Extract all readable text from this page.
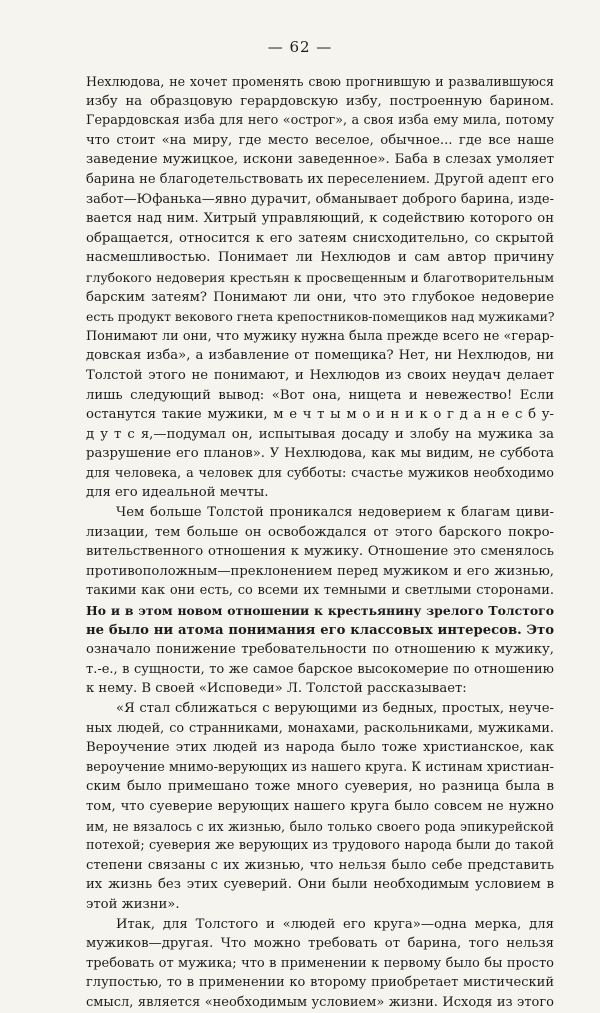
— 62 —
Нехлюдова, не хочет променять свою прогнившую и развалившуюся
избу на образцовую герардовскую избу, построенную барином.
Герардовская изба для него «острог», а своя изба ему мила, потому
что стоит «на миру, где место веселое, обычное... где все наше
заведение мужицкое, искони заведенное». Баба в слезах умоляет
барина не благодетельствовать их переселением. Другой адепт его
забот—Юфанька—явно дурачит, обманывает доброго барина, изде-
вается над ним. Хитрый управляющий, к содействию которого он
обращается, относится к его затеям снисходительно, со скрытой
насмешливостью. Понимает ли Нехлюдов и сам автор причину
глубокого недоверия крестьян к просвещенным и благотворительным
барским затеям? Понимают ли они, что это глубокое недоверие
есть продукт векового гнета крепостников-помещиков над мужиками?
Понимают ли они, что мужику нужна была прежде всего не «герар-
довская изба», а избавление от помещика? Нет, ни Нехлюдов, ни
Толстой этого не понимают, и Нехлюдов из своих неудач делает
лишь следующий вывод: «Вот она, нищета и невежество! Если
останутся такие мужики, м е ч т ы м о и н и к о г д а н е с б у-
д у т с я,—подумал он, испытывая досаду и злобу на мужика за
разрушение его планов». У Нехлюдова, как мы видим, не суббота
для человека, а человек для субботы: счастье мужиков необходимо
для его идеальной мечты.
Чем больше Толстой проникался недоверием к благам циви-
лизации, тем больше он освобождался от этого барского покро-
вительственного отношения к мужику. Отношение это сменялось
противоположным—преклонением перед мужиком и его жизнью,
такими как они есть, со всеми их темными и светлыми сторонами.
Но и в этом новом отношении к крестьянину зрелого Толстого
не было ни атома понимания его классовых интересов. Это
означало понижение требовательности по отношению к мужику,
т.-е., в сущности, то же самое барское высокомерие по отношению
к нему. В своей «Исповеди» Л. Толстой рассказывает:
«Я стал сближаться с верующими из бедных, простых, неуче-
ных людей, со странниками, монахами, раскольниками, мужиками.
Вероучение этих людей из народа было тоже христианское, как
вероучение мнимо-верующих из нашего круга. К истинам христиан-
ским было примешано тоже много суеверия, но разница была в
том, что суеверие верующих нашего круга было совсем не нужно
им, не вязалось с их жизнью, было только своего рода эпикурейской
потехой; суеверия же верующих из трудового народа были до такой
степени связаны с их жизнью, что нельзя было себе представить
их жизнь без этих суеверий. Они были необходимым условием в
этой жизни».
Итак, для Толстого и «людей его круга»—одна мерка, для
мужиков—другая. Что можно требовать от барина, того нельзя
требовать от мужика; что в применении к первому было бы просто
глупостью, то в применении ко второму приобретает мистический
смысл, является «необходимым условием» жизни. Исходя из этого
